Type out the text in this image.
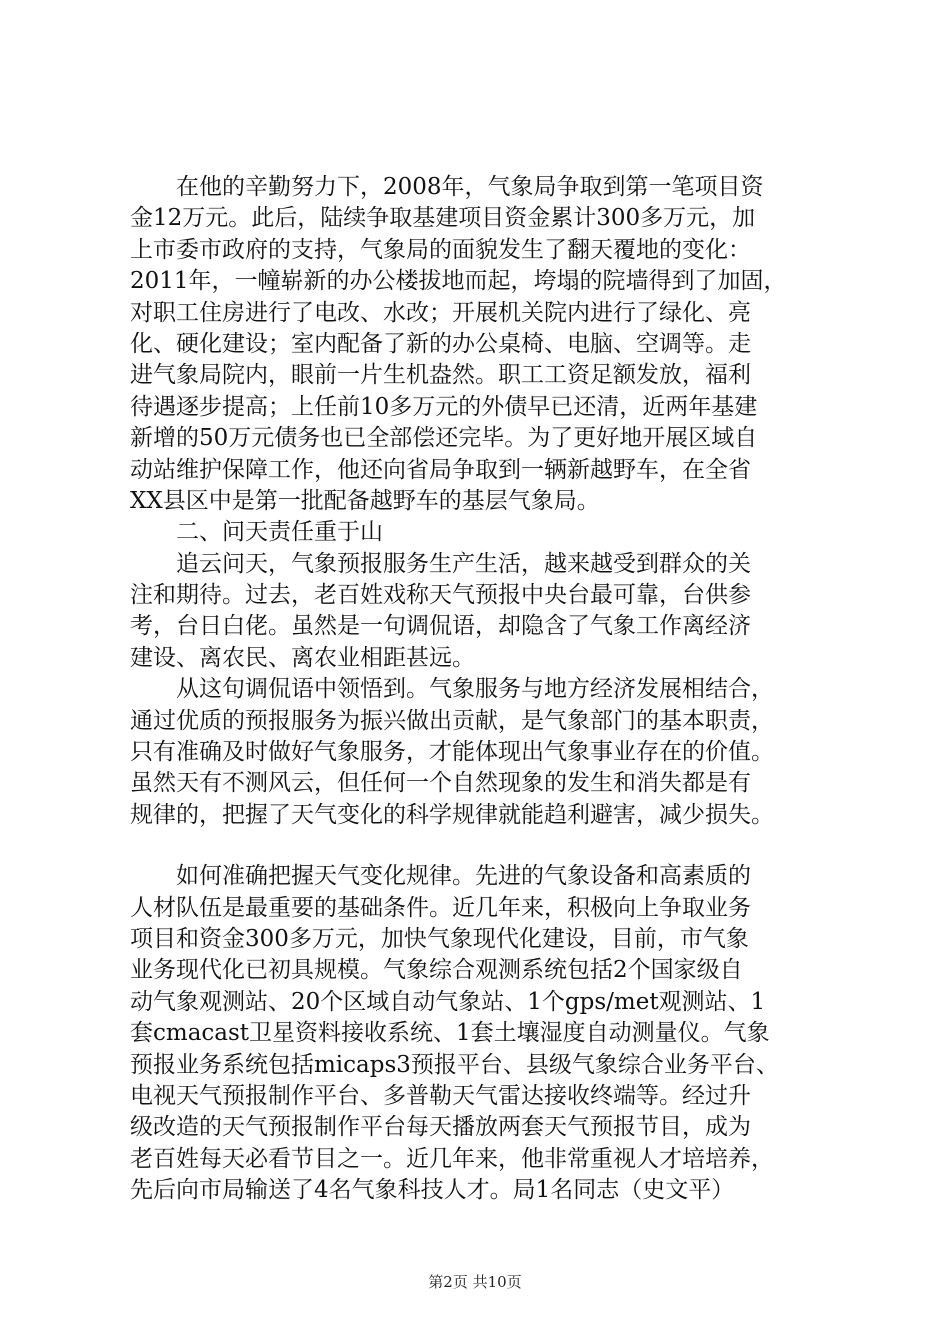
　　在他的辛勤努力下，2008年，气象局争取到第一笔项目资
金12万元。此后，陆续争取基建项目资金累计300多万元，加
上市委市政府的支持，气象局的面貌发生了翻天覆地的变化：
2011年，一幢崭新的办公楼拔地而起，垮塌的院墙得到了加固，
对职工住房进行了电改、水改；开展机关院内进行了绿化、亮
化、硬化建设；室内配备了新的办公桌椅、电脑、空调等。走
进气象局院内，眼前一片生机盎然。职工工资足额发放，福利
待遇逐步提高；上任前10多万元的外债早已还清，近两年基建
新增的50万元债务也已全部偿还完毕。为了更好地开展区域自
动站维护保障工作，他还向省局争取到一辆新越野车，在全省
XX县区中是第一批配备越野车的基层气象局。
　　二、问天责任重于山
　　追云问天，气象预报服务生产生活，越来越受到群众的关
注和期待。过去，老百姓戏称天气预报中央台最可靠，台供参
考，台日白佬。虽然是一句调侃语，却隐含了气象工作离经济
建设、离农民、离农业相距甚远。
　　从这句调侃语中领悟到。气象服务与地方经济发展相结合，
通过优质的预报服务为振兴做出贡献，是气象部门的基本职责，
只有准确及时做好气象服务，才能体现出气象事业存在的价值。
虽然天有不测风云，但任何一个自然现象的发生和消失都是有
规律的，把握了天气变化的科学规律就能趋利避害，减少损失。
　　如何准确把握天气变化规律。先进的气象设备和高素质的
人材队伍是最重要的基础条件。近几年来，积极向上争取业务
项目和资金300多万元，加快气象现代化建设，目前，市气象
业务现代化已初具规模。气象综合观测系统包括2个国家级自
动气象观测站、20个区域自动气象站、1个gps/met观测站、1
套cmacast卫星资料接收系统、1套土壤湿度自动测量仪。气象
预报业务系统包括micaps3预报平台、县级气象综合业务平台、
电视天气预报制作平台、多普勒天气雷达接收终端等。经过升
级改造的天气预报制作平台每天播放两套天气预报节目，成为
老百姓每天必看节目之一。近几年来，他非常重视人才培培养，
先后向市局输送了4名气象科技人才。局1名同志（史文平）
第2页 共10页
